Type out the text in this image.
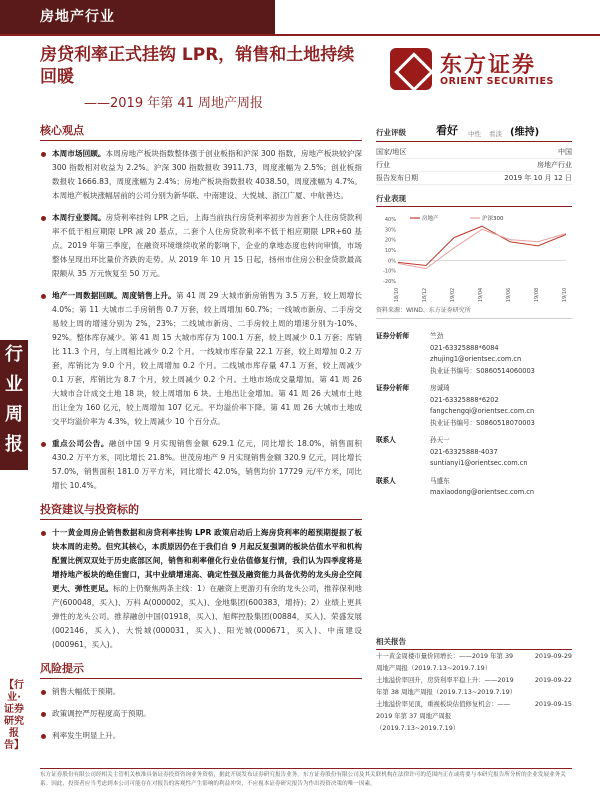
房地产行业
房贷利率正式挂钩 LPR，销售和土地持续回暖
——2019 年第 41 周地产周报
东方证券
ORIENT SECURITIES
行
业
周
报
【行业·证券研究报告】
核心观点
本周市场回顾。本周房地产板块指数整体强于创业板指和沪深 300 指数，房地产板块较沪深 300 指数相对收益为 2.2%。沪深 300 指数报收 3911.73，周度涨幅为 2.5%；创业板指数报收 1666.83，周度涨幅为 2.4%；房地产板块指数报收 4038.50，周度涨幅为 4.7%。本周地产板块涨幅居前的公司分别为新华联、中南建设、大悦城、浙江广厦、中航善达。
本周行业要闻。房贷利率挂钩 LPR 之后，上海当前执行房贷利率初步为首套个人住房贷款利率不低于相应期限 LPR 减 20 基点，二套个人住房贷款利率不低于相应期限 LPR+60 基点。2019 年第三季度，在融资环境继续收紧的影响下，企业的拿地态度也转向审慎，市场整体呈现出环比量价齐跌的走势。从 2019 年 10 月 15 日起，扬州市住房公积金贷款最高限额从 35 万元恢复至 50 万元。
地产一周数据回顾。周度销售上升。第 41 周 29 大城市新房销售为 3.5 万套，较上周增长 4.0%；第 11 大城市二手房销售 0.7 万套，较上周增加 60.7%；一线城市新房、二手房交易较上周的增速分别为 2%，23%；二线城市新房、二手房较上周的增速分别为-10%、92%。整体库存减少。第 41 周 15 大城市库存为 100.1 万套，较上周减少 0.1 万套；库销比 11.3 个月，与上周相比减少 0.2 个月。一线城市库存量 22.1 万套，较上周增加 0.2 万套，库销比为 9.0 个月，较上周增加 0.2 个月。二线城市库存量 47.1 万套，较上周减少 0.1 万套，库销比为 8.7 个月，较上周减少 0.2 个月。土地市场成交量增加。第 41 周 26 大城市合计成交土地 18 块，较上周增加 6 块。土地出让金增加。第 41 周 26 大城市土地出让金为 160 亿元，较上周增加 107 亿元。平均溢价率下降。第 41 周 26 大城市土地成交平均溢价率为 4.3%，较上周减少 10 个百分点。
重点公司公告。融创中国 9 月实现销售金额 629.1 亿元，同比增长 18.0%，销售面积 430.2 万平方米，同比增长 21.8%。世茂房地产 9 月实现销售金额 320.9 亿元，同比增长 57.0%，销售面积 181.0 万平方米，同比增长 42.0%，销售均价 17729 元/平方米，同比增长 10.4%。
投资建议与投资标的
十一黄金周房企销售数据和房贷利率挂钩 LPR 政策启动后上海房贷利率的超预期提振了板块本周的走势。但究其核心，本质原因仍在于我们自 9 月起反复强调的板块估值水平和机构配置比例双双处于历史底部区间，销售和利率催化行业估值修复行情，我们认为四季度将是增持地产板块的绝佳窗口，其中业绩增速高、确定性强及融资能力具备优势的龙头房企空间更大、弹性更足。标的上仍聚焦两条主线：1）在融资上更游刃有余的龙头公司，推荐保利地产(600048，买入)、万科 A(000002，买入)、金地集团(600383，增持)；2）业绩上更具弹性的龙头公司。推荐融创中国(01918，买入)、旭辉控股集团(00884，买入)、荣盛发展(002146，买入)、大悦城(000031，买入)、阳光城(000671，买入)、中南建设(000961，买入)。
风险提示
销售大幅低于预期。
政策调控严厉程度高于预期。
利率发生明显上升。
行业评级	看好 中性 看淡 (维持)
国家/地区	中国
行业	房地产行业
报告发布日期	2019 年 10 月 12 日
行业表现
40%
30%
20%
10%
0%
-10%
-20%
18/10	18/12	19/02	19/04	19/06	19/08	19/10
房地产	沪深300
资料来源：WIND、东方证券研究所
证券分析师	竺劲
021-63325888*6084
zhujing1@orientsec.com.cn
执业证书编号：S0860514060003
证券分析师	房诚琦
021-63325888*6202
fangchengqi@orientsec.com.cn
执业证书编号：S0860518070003
联系人	孙天一
021-63325888-4037
suntianyi1@orientsec.com.cn
联系人	马盛东
maxiaodong@orientsec.com.cn
相关报告
十一黄金周楼市量价同增长：——2019 年第 39 周地产周报（2019.7.13~2019.7.19）
2019-09-29
土地溢价率回升，房贷利率平稳上升：——2019 年第 38 周地产周报（2019.7.13~2019.7.19）
2019-09-22
土地溢价率见顶，重视板块估值修复机会：——2019 年第 37 周地产周报（2019.7.13~2019.7.19）
2019-09-15
东方证券股份有限公司经相关主管机关核准具备证券投资咨询业务资格，据此开展发布证券研究报告业务。东方证券股份有限公司及其关联机构在法律许可的范围内正在或将要与本研究报告所分析的企业发展业务关系。因此，投资者应当考虑到本公司可能存在对报告的客观性产生影响的利益冲突，不应视本证券研究报告为作出投资决策的唯一因素。
